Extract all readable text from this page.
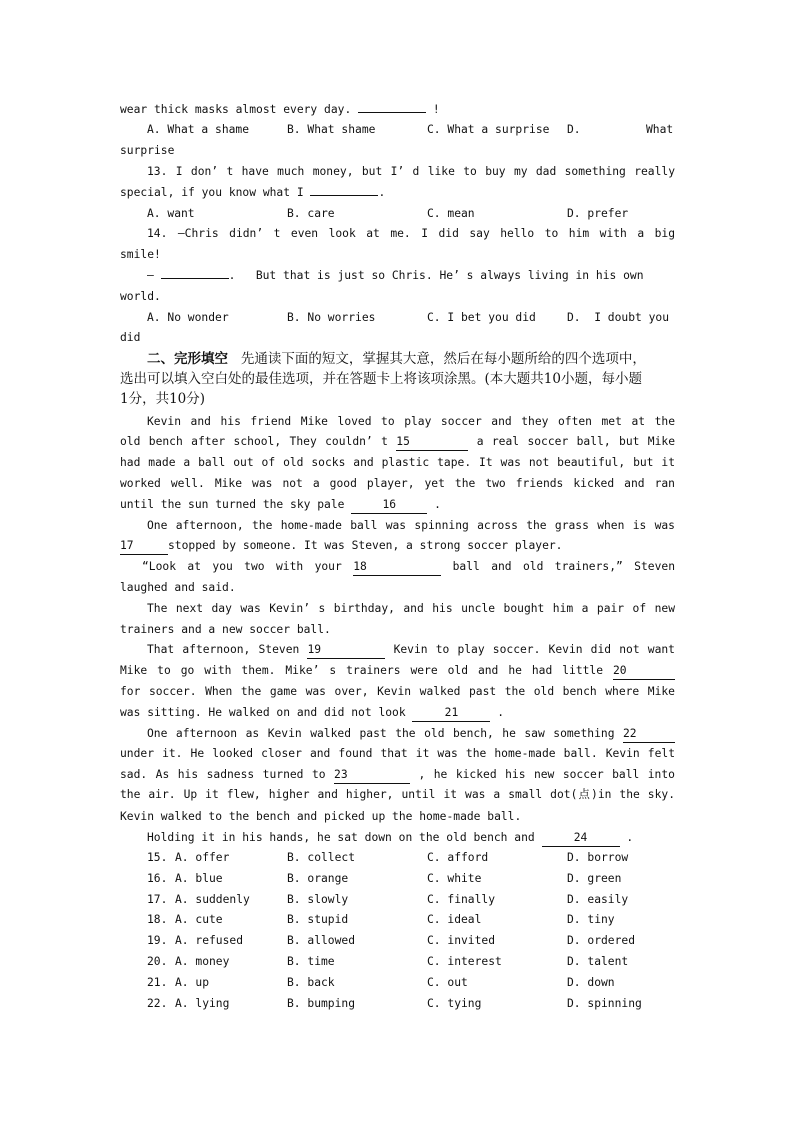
wear thick masks almost every day.	!
A. What a shame	B. What shame	C. What a surprise D.	What
surprise
13. I don’ t have much money, but I’ d like to buy my dad something really
special, if you know what I	.
A. want	B. care	C. mean	D. prefer
14. —Chris didn’ t even look at me. I did say hello to him with a big
smile!
—	.   But that is just so Chris. He’ s always living in his own
world.
A. No wonder	B. No worries	C. I bet you did	D.  I doubt you
did
二、完形填空 先通读下面的短文，掌握其大意，然后在每小题所给的四个选项中，
选出可以填入空白处的最佳选项，并在答题卡上将该项涂黑。(本大题共10小题，每小题
1分，共10分)
Kevin and his friend Mike loved to play soccer and they often met at the
old bench after school, They couldn’ t 15	a real soccer ball, but Mike
had made a ball out of old socks and plastic tape. It was not beautiful, but it
worked well. Mike was not a good player, yet the two friends kicked and ran
until the sun turned the sky pale	16	.
One afternoon, the home-made ball was spinning across the grass when is was
17	stopped by someone. It was Steven, a strong soccer player.
“Look at you two with your 18	ball and old trainers,” Steven
laughed and said.
The next day was Kevin’ s birthday, and his uncle bought him a pair of new
trainers and a new soccer ball.
That afternoon, Steven 19	Kevin to play soccer. Kevin did not want
Mike to go with them. Mike’ s trainers were old and he had little 20
for soccer. When the game was over, Kevin walked past the old bench where Mike
was sitting. He walked on and did not look	21	.
One afternoon as Kevin walked past the old bench, he saw something 22
under it. He looked closer and found that it was the home-made ball. Kevin felt
sad. As his sadness turned to 23	, he kicked his new soccer ball into
the air. Up it flew, higher and higher, until it was a small dot(点)in the sky.
Kevin walked to the bench and picked up the home-made ball.
Holding it in his hands, he sat down on the old bench and	24	.
15. A. offer	B. collect	C. afford	D. borrow
16. A. blue	B. orange	C. white	D. green
17. A. suddenly	B. slowly	C. finally	D. easily
18. A. cute	B. stupid	C. ideal	D. tiny
19. A. refused	B. allowed	C. invited	D. ordered
20. A. money	B. time	C. interest	D. talent
21. A. up	B. back	C. out	D. down
22. A. lying	B. bumping	C. tying	D. spinning
